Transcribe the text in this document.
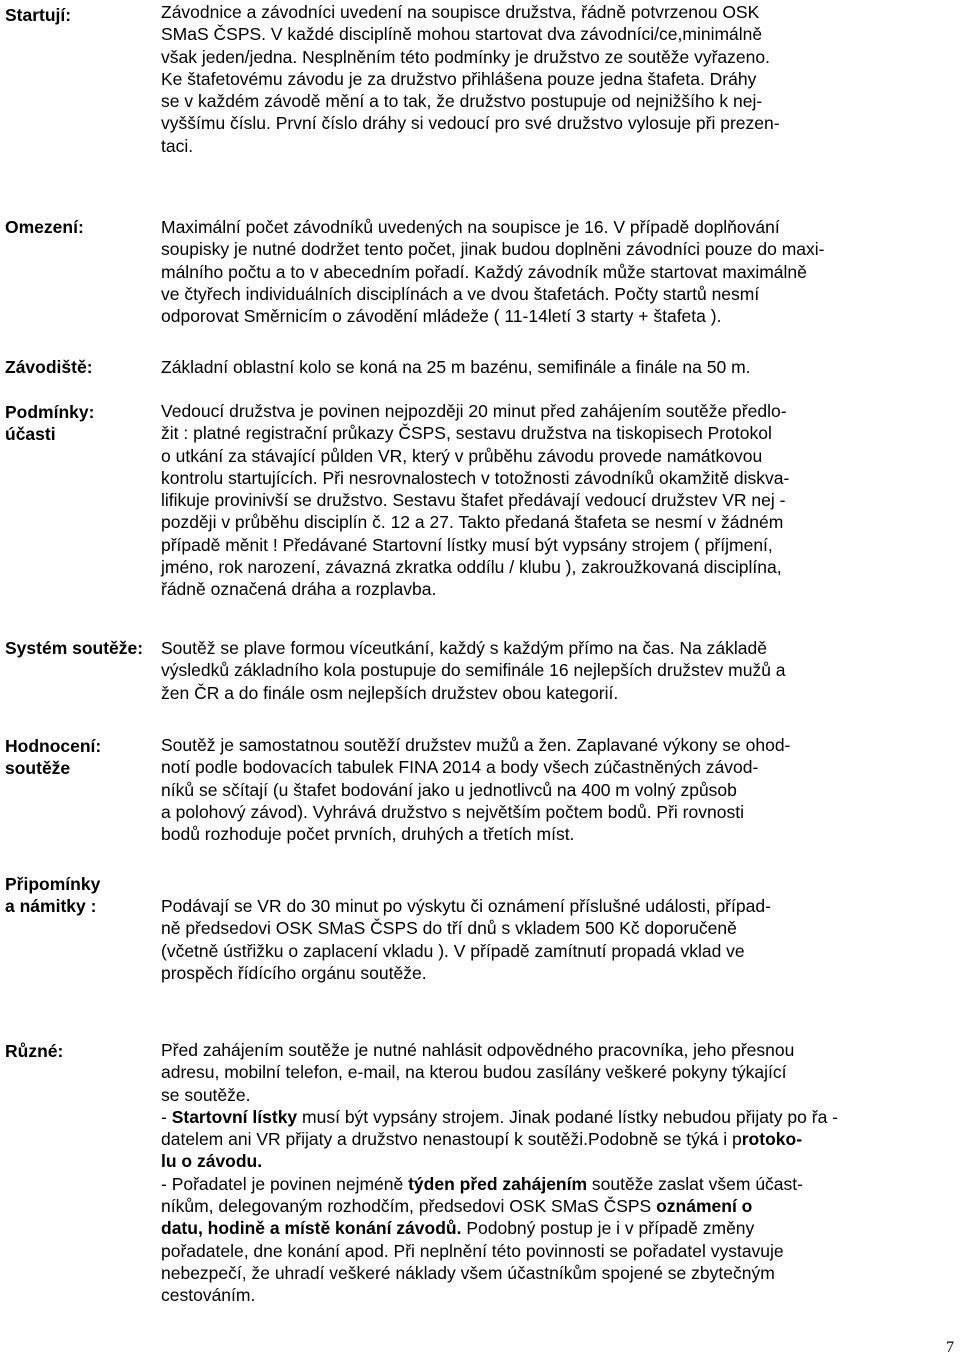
Startují:	Závodnice a závodníci uvedení na soupisce družstva, řádně potvrzenou OSK

SMaS ČSPS. V každé disciplíně mohou startovat dva závodníci/ce,minimálně

však jeden/jedna. Nesplněním této podmínky je družstvo ze soutěže vyřazeno.

Ke štafetovému závodu je za družstvo přihlášena pouze jedna štafeta. Dráhy

se v každém závodě mění a to tak, že družstvo postupuje od nejnižšího k nej-

vyššímu číslu. První číslo dráhy si vedoucí pro své družstvo vylosuje při prezen-

taci.

Omezení:	Maximální počet závodníků uvedených na soupisce je 16. V případě doplňování

soupisky je nutné dodržet tento počet, jinak budou doplněni závodníci pouze do maxi-

málního počtu a to v abecedním pořadí. Každý závodník může startovat maximálně

ve čtyřech individuálních disciplínách a ve dvou štafetách. Počty startů nesmí

odporovat Směrnicím o závodění mládeže ( 11-14letí 3 starty + štafeta ).

Závodiště:	Základní oblastní kolo se koná na 25 m bazénu, semifinále a finále na 50 m.

Podmínky:
účasti

Vedoucí družstva je povinen nejpozději 20 minut před zahájením soutěže předlo-

žit : platné registrační průkazy ČSPS, sestavu družstva na tiskopisech Protokol

o utkání za stávající půlden VR, který v průběhu závodu provede namátkovou

kontrolu startujících. Při nesrovnalostech v totožnosti závodníků okamžitě diskva-

lifikuje provinivší se družstvo. Sestavu štafet předávají vedoucí družstev VR nej -

později v průběhu disciplín č. 12 a 27. Takto předaná štafeta se nesmí v žádném

případě měnit ! Předávané Startovní lístky musí být vypsány strojem ( příjmení,

jméno, rok narození, závazná zkratka oddílu / klubu ), zakroužkovaná disciplína,

řádně označená dráha a rozplavba.

Systém soutěže: Soutěž se plave formou víceutkání, každý s každým přímo na čas. Na základě

výsledků základního kola postupuje do semifinále 16 nejlepších družstev mužů a

žen ČR a do finále osm nejlepších družstev obou kategorií.

Hodnocení:
soutěže

Soutěž je samostatnou soutěží družstev mužů a žen. Zaplavané výkony se ohod-

notí podle bodovacích tabulek FINA 2014 a body všech zúčastněných závod-

níků se sčítají (u štafet bodování jako u jednotlivců na 400 m volný způsob

a polohový závod). Vyhrává družstvo s největším počtem bodů. Při rovnosti

bodů rozhoduje počet prvních, druhých a třetích míst.

Připomínky
a námitky :	Podávají se VR do 30 minut po výskytu či oznámení příslušné události, případ-

ně předsedovi OSK SMaS ČSPS do tří dnů s vkladem 500 Kč doporučeně

(včetně ústřižku o zaplacení vkladu ). V případě zamítnutí propadá vklad ve

prospěch řídícího orgánu soutěže.

Různé:	Před zahájením soutěže je nutné nahlásit odpovědného pracovníka, jeho přesnou

adresu, mobilní telefon, e-mail, na kterou budou zasílány veškeré pokyny týkající

se soutěže.

- Startovní lístky musí být vypsány strojem. Jinak podané lístky nebudou přijaty po řa -

datelem ani VR přijaty a družstvo nenastoupí k soutěži.Podobně se týká i protoko-

lu o závodu.

- Pořadatel je povinen nejméně týden před zahájením soutěže zaslat všem účast-

níkům, delegovaným rozhodčím, předsedovi OSK SMaS ČSPS oznámení o

datu, hodině a místě konání závodů. Podobný postup je i v případě změny

pořadatele, dne konání apod. Při neplnění této povinnosti se pořadatel vystavuje

nebezpečí, že uhradí veškeré náklady všem účastníkům spojené se zbytečným

cestováním.

7
